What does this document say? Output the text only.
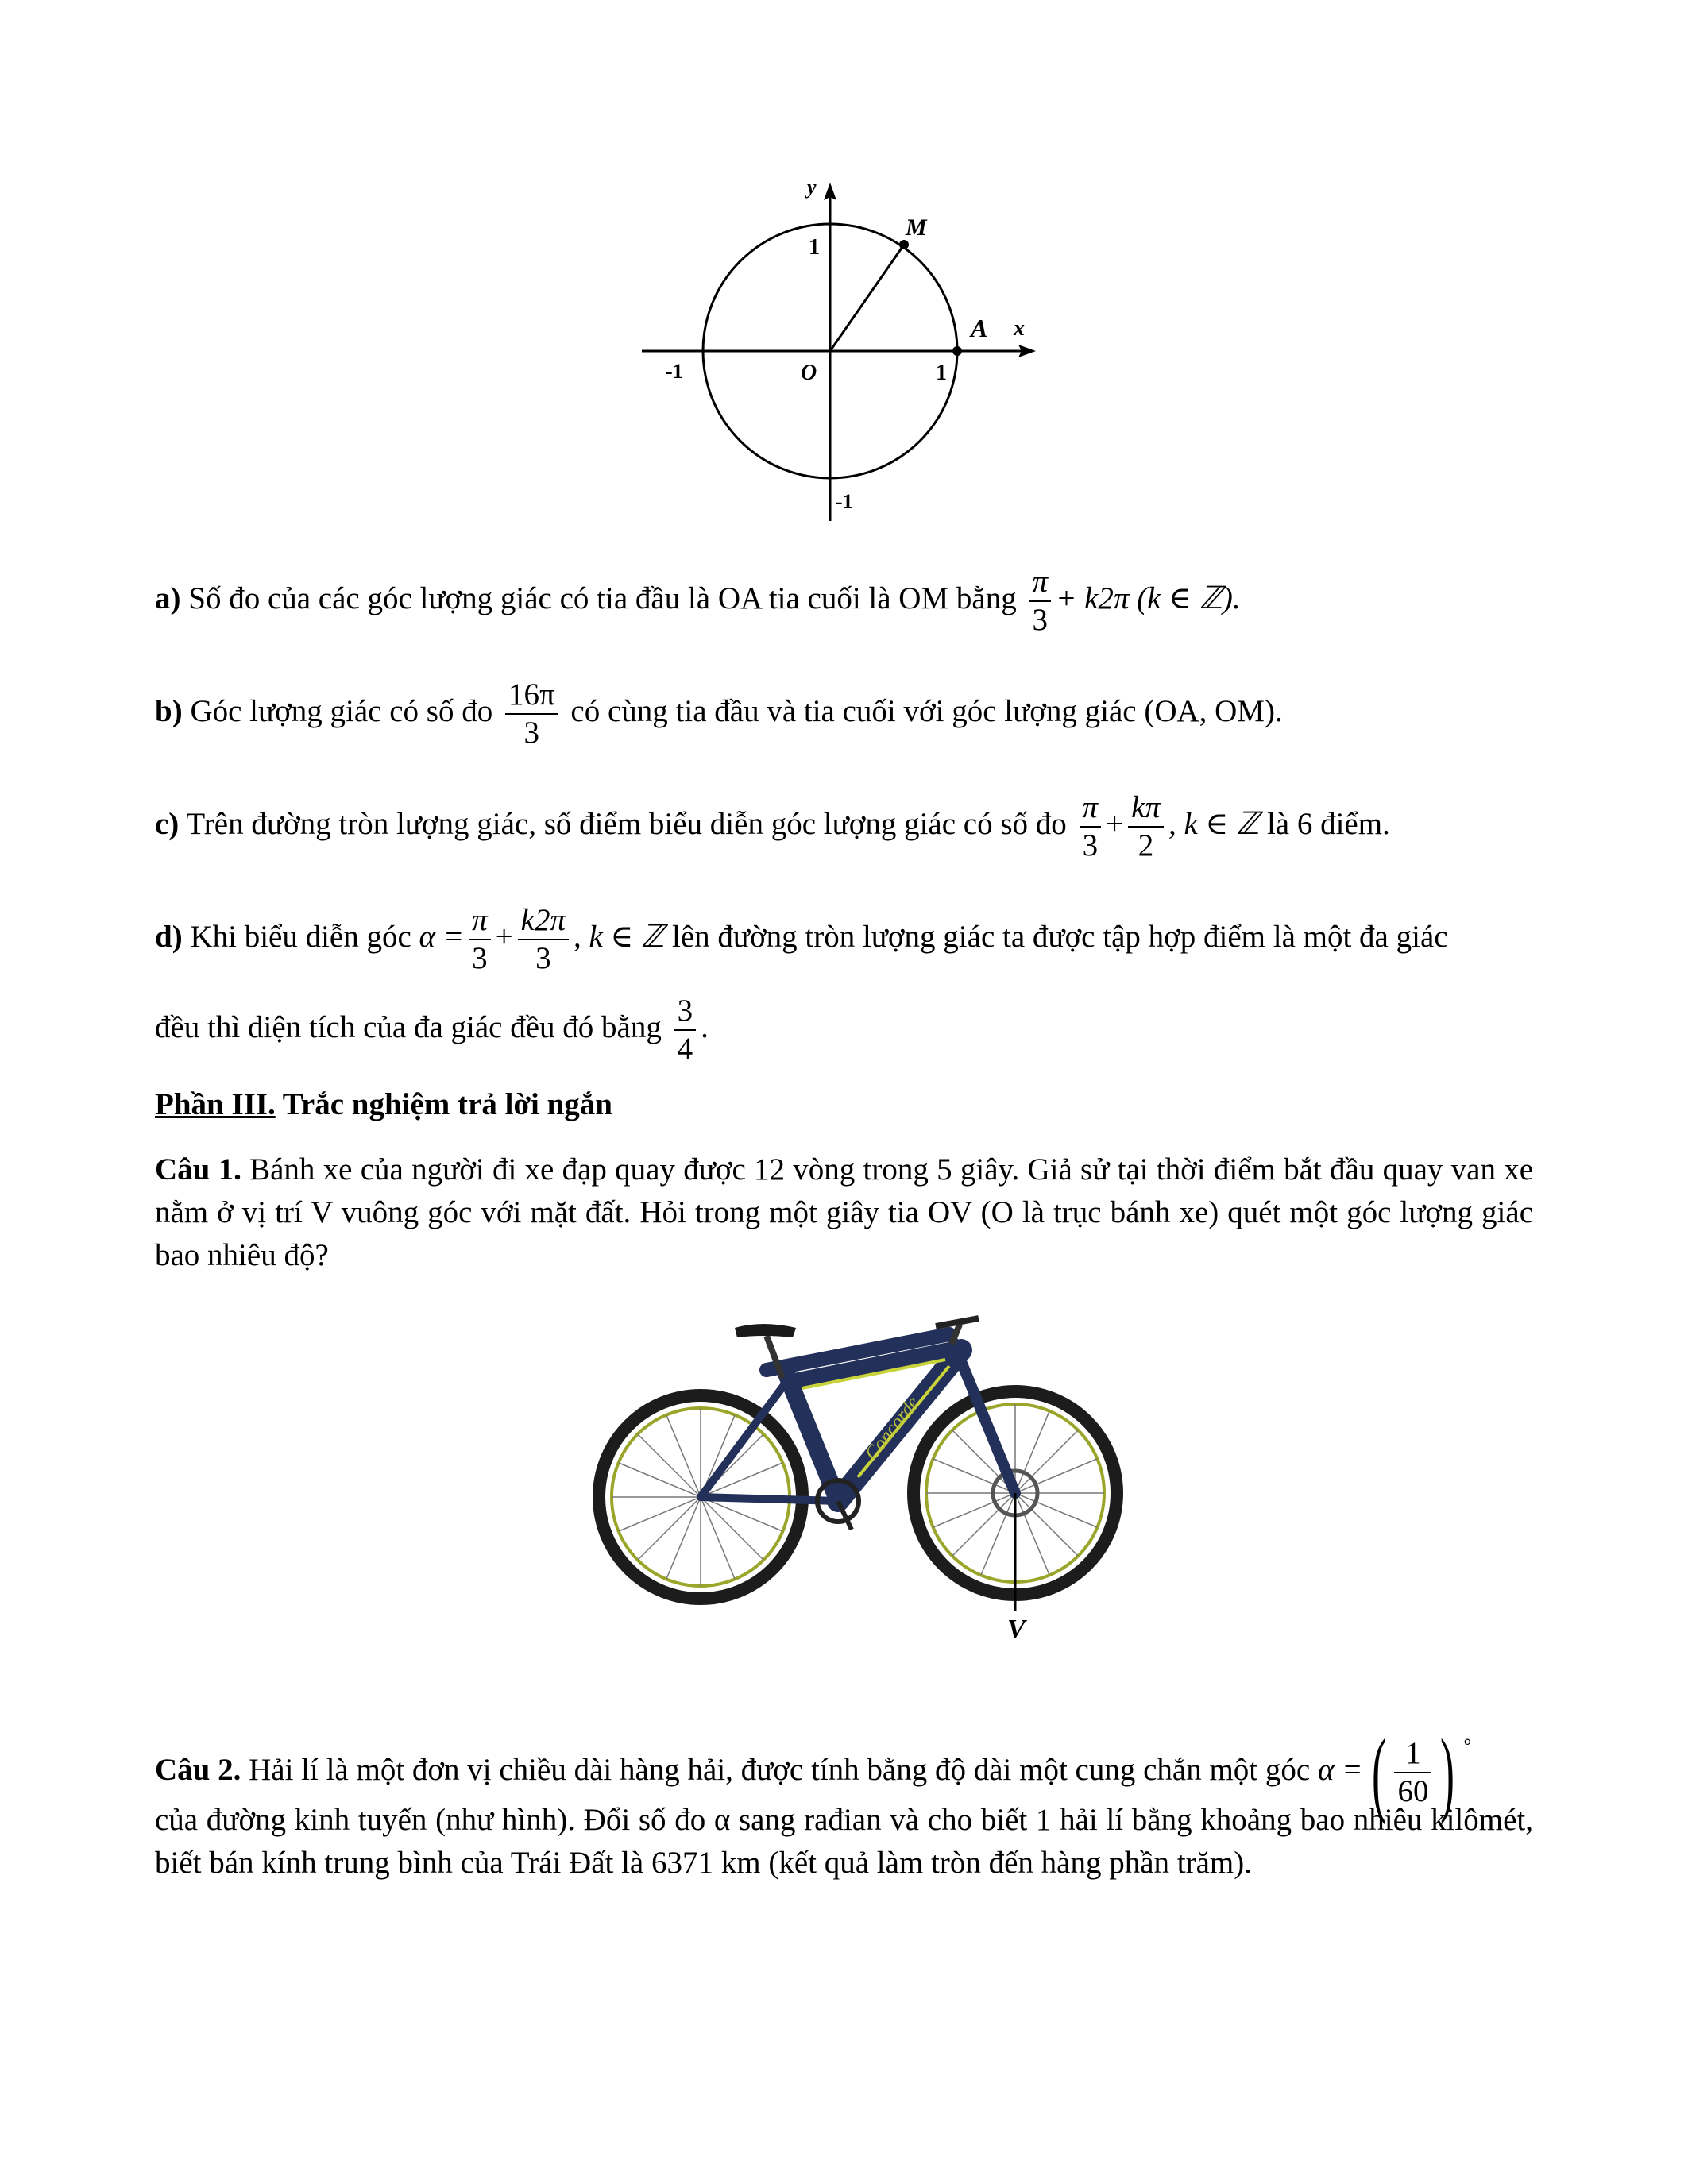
y
x
M
A
O
1
-1
1
-1
a) Số đo của các góc lượng giác có tia đầu là OA tia cuối là OM bằng $\frac{\pi}{3} + k2\pi$ (k ∈ ℤ).
b) Góc lượng giác có số đo $\frac{16\pi}{3}$ có cùng tia đầu và tia cuối với góc lượng giác (OA, OM).
c) Trên đường tròn lượng giác, số điểm biểu diễn góc lượng giác có số đo $\frac{\pi}{3} + \frac{k\pi}{2}$ , k ∈ ℤ là 6 điểm.
d) Khi biểu diễn góc $\alpha = \frac{\pi}{3} + \frac{k2\pi}{3}$ , k ∈ ℤ lên đường tròn lượng giác ta được tập hợp điểm là một đa giác
đều thì diện tích của đa giác đều đó bằng $\frac{3}{4}$ .
Phần III. Trắc nghiệm trả lời ngắn
Câu 1. Bánh xe của người đi xe đạp quay được 12 vòng trong 5 giây. Giả sử tại thời điểm bắt đầu quay van xe nằm ở vị trí V vuông góc với mặt đất. Hỏi trong một giây tia OV (O là trục bánh xe) quét một góc lượng giác bao nhiêu độ?
Concorde
V
Câu 2. Hải lí là một đơn vị chiều dài hàng hải, được tính bằng độ dài một cung chắn một góc α =( $\frac{1}{60}$ ) °
của đường kinh tuyến (như hình). Đổi số đo α sang rađian và cho biết 1 hải lí bằng khoảng bao nhiêu kilômét, biết bán kính trung bình của Trái Đất là 6371 km (kết quả làm tròn đến hàng phần trăm).
